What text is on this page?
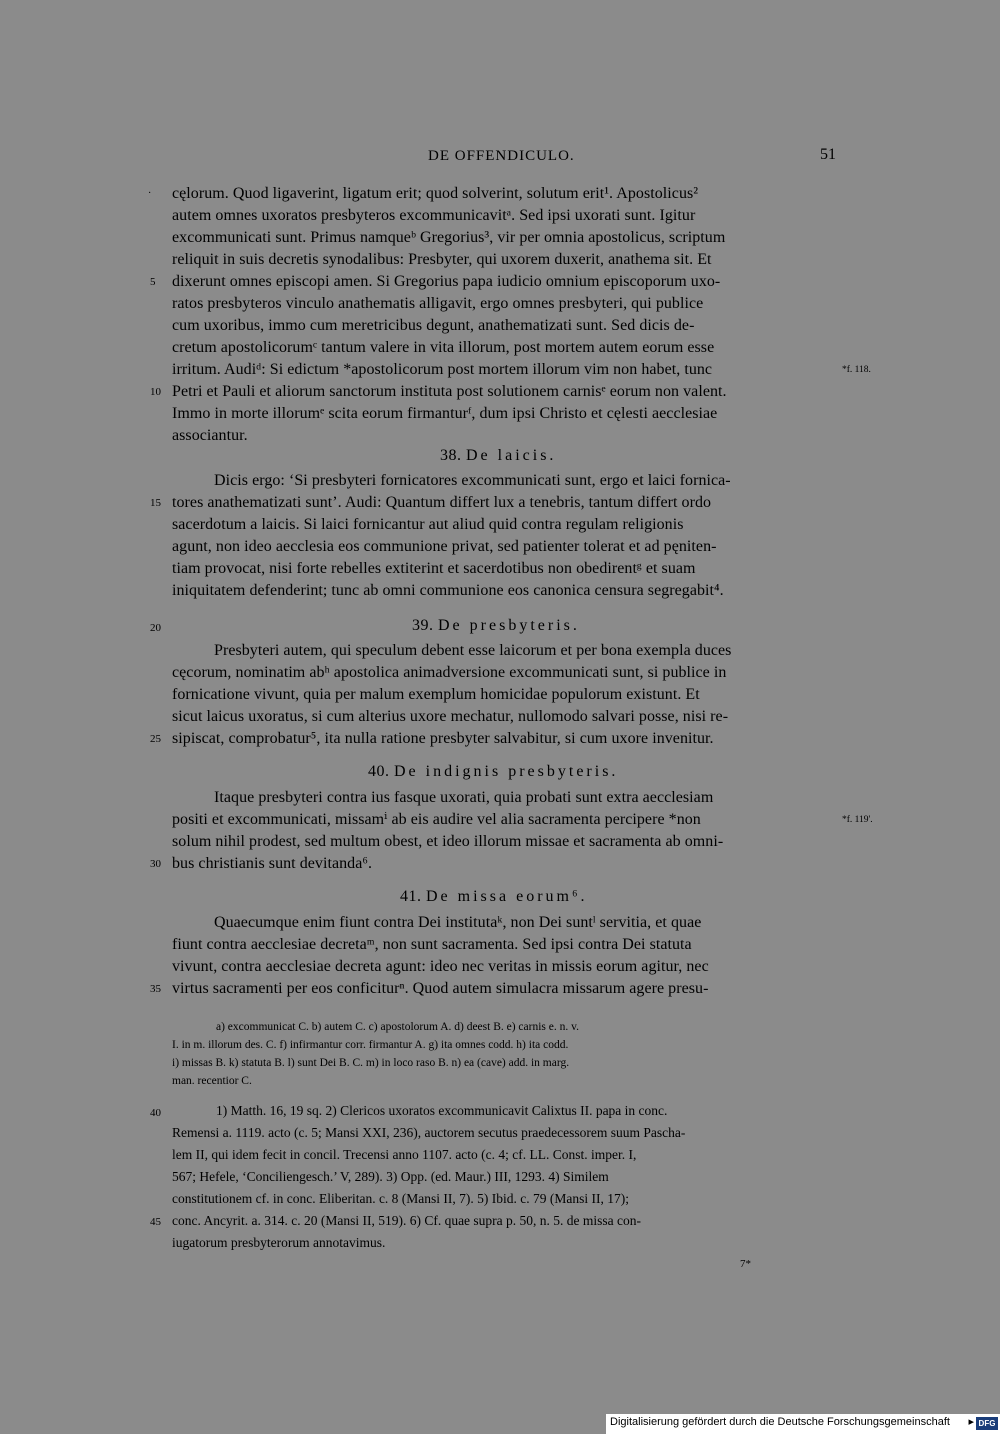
DE OFFENDICULO.	51
· cęlorum. Quod ligaverint, ligatum erit; quod solverint, solutum erit¹. Apostolicus²
autem omnes uxoratos presbyteros excommunicavitᵃ. Sed ipsi uxorati sunt. Igitur
excommunicati sunt. Primus namqueᵇ Gregorius³, vir per omnia apostolicus, scriptum
reliquit in suis decretis synodalibus: Presbyter, qui uxorem duxerit, anathema sit. Et
5 dixerunt omnes episcopi amen. Si Gregorius papa iudicio omnium episcoporum uxo-
ratos presbyteros vinculo anathematis alligavit, ergo omnes presbyteri, qui publice
cum uxoribus, immo cum meretricibus degunt, anathematizati sunt. Sed dicis de-
cretum apostolicorumᶜ tantum valere in vita illorum, post mortem autem eorum esse
irritum. Audiᵈ: Si edictum *apostolicorum post mortem illorum vim non habet, tunc	*f. 118.
10 Petri et Pauli et aliorum sanctorum instituta post solutionem carnisᵉ eorum non valent.
Immo in morte illorumᵉ scita eorum firmanturᶠ, dum ipsi Christo et cęlesti aecclesiae
associantur.
38. De laicis.
Dicis ergo: ‘Si presbyteri fornicatores excommunicati sunt, ergo et laici fornica-
15 tores anathematizati sunt’. Audi: Quantum differt lux a tenebris, tantum differt ordo
sacerdotum a laicis. Si laici fornicantur aut aliud quid contra regulam religionis
agunt, non ideo aecclesia eos communione privat, sed patienter tolerat et ad pęniten-
tiam provocat, nisi forte rebelles extiterint et sacerdotibus non obedirentᵍ et suam
iniquitatem defenderint; tunc ab omni communione eos canonica censura segregabit⁴.
20	39. De presbyteris.
Presbyteri autem, qui speculum debent esse laicorum et per bona exempla duces
cęcorum, nominatim abʰ apostolica animadversione excommunicati sunt, si publice in
fornicatione vivunt, quia per malum exemplum homicidae populorum existunt. Et
sicut laicus uxoratus, si cum alterius uxore mechatur, nullomodo salvari posse, nisi re-
25 sipiscat, comprobatur⁵, ita nulla ratione presbyter salvabitur, si cum uxore invenitur.
40. De indignis presbyteris.
Itaque presbyteri contra ius fasque uxorati, quia probati sunt extra aecclesiam
positi et excommunicati, missamⁱ ab eis audire vel alia sacramenta percipere *non	*f. 119'.
solum nihil prodest, sed multum obest, et ideo illorum missae et sacramenta ab omni-
30 bus christianis sunt devitanda⁶.
41. De missa eorum⁶.
Quaecumque enim fiunt contra Dei institutaᵏ, non Dei suntˡ servitia, et quae
fiunt contra aecclesiae decretaᵐ, non sunt sacramenta. Sed ipsi contra Dei statuta
vivunt, contra aecclesiae decreta agunt: ideo nec veritas in missis eorum agitur, nec
35 virtus sacramenti per eos conficiturⁿ. Quod autem simulacra missarum agere presu-
a) excommunicat C. b) autem C. c) apostolorum A. d) deest B. e) carnis e. n. v.
I. in m. illorum des. C. f) infirmantur corr. firmantur A. g) ita omnes codd. h) ita codd.
i) missas B. k) statuta B. l) sunt Dei B. C. m) in loco raso B. n) ea (cave) add. in marg.
man. recentior C.
40	1) Matth. 16, 19 sq. 2) Clericos uxoratos excommunicavit Calixtus II. papa in conc.
Remensi a. 1119. acto (c. 5; Mansi XXI, 236), auctorem secutus praedecessorem suum Pascha-
lem II, qui idem fecit in concil. Trecensi anno 1107. acto (c. 4; cf. LL. Const. imper. I,
567; Hefele, ‘Conciliengesch.’ V, 289). 3) Opp. (ed. Maur.) III, 1293. 4) Similem
constitutionem cf. in conc. Eliberitan. c. 8 (Mansi II, 7). 5) Ibid. c. 79 (Mansi II, 17);
45 conc. Ancyrit. a. 314. c. 20 (Mansi II, 519). 6) Cf. quae supra p. 50, n. 5. de missa con-
iugatorum presbyterorum annotavimus.
7*
Digitalisierung gefördert durch die Deutsche Forschungsgemeinschaft ▸ DFG
